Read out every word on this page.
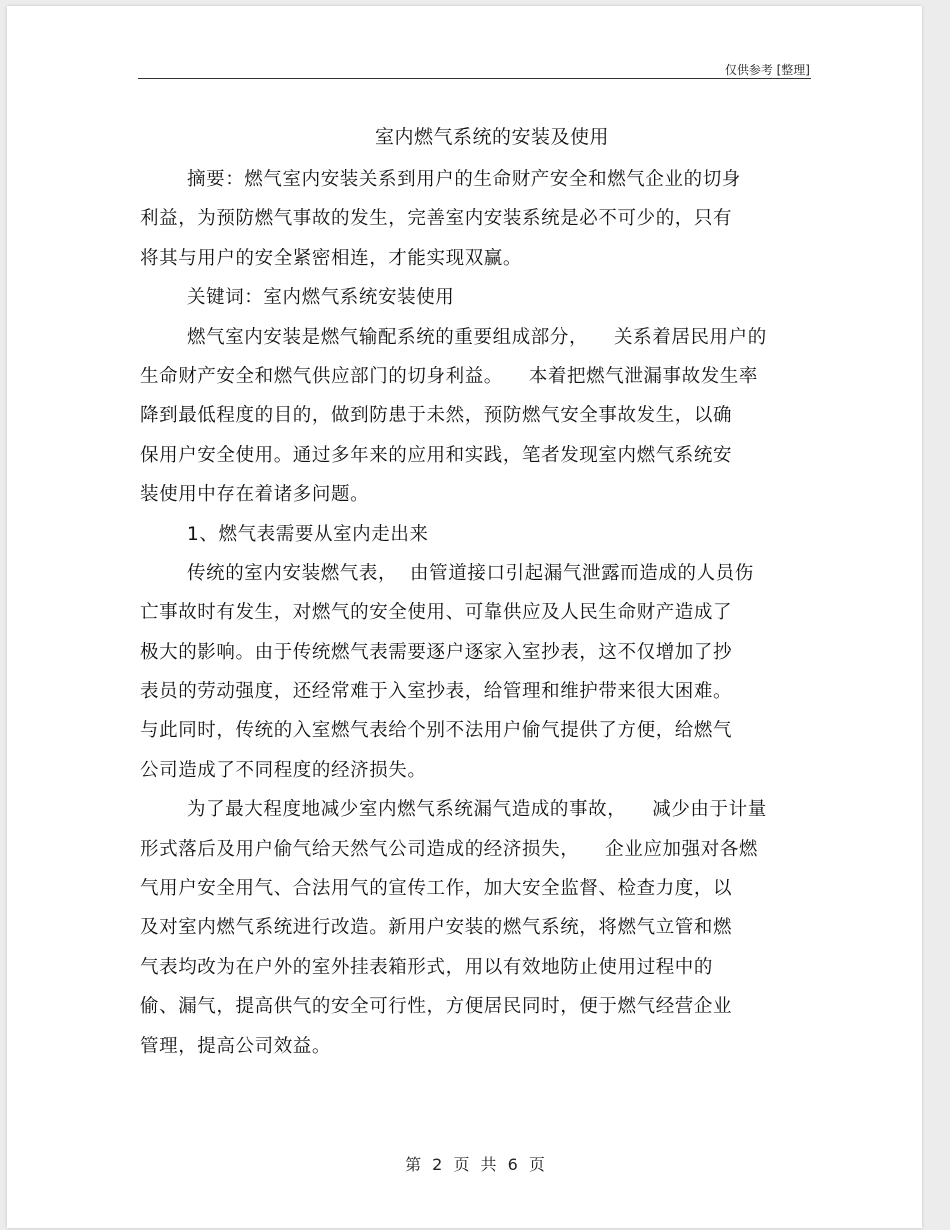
仅供参考 [整理]
室内燃气系统的安装及使用
摘要：燃气室内安装关系到用户的生命财产安全和燃气企业的切身
利益，为预防燃气事故的发生，完善室内安装系统是必不可少的，只有
将其与用户的安全紧密相连，才能实现双赢。
关键词：室内燃气系统安装使用
燃气室内安装是燃气输配系统的重要组成部分，    关系着居民用户的
生命财产安全和燃气供应部门的切身利益。    本着把燃气泄漏事故发生率
降到最低程度的目的，做到防患于未然，预防燃气安全事故发生，以确
保用户安全使用。通过多年来的应用和实践，笔者发现室内燃气系统安
装使用中存在着诸多问题。
1、燃气表需要从室内走出来
传统的室内安装燃气表，  由管道接口引起漏气泄露而造成的人员伤
亡事故时有发生，对燃气的安全使用、可靠供应及人民生命财产造成了
极大的影响。由于传统燃气表需要逐户逐家入室抄表，这不仅增加了抄
表员的劳动强度，还经常难于入室抄表，给管理和维护带来很大困难。
与此同时，传统的入室燃气表给个别不法用户偷气提供了方便，给燃气
公司造成了不同程度的经济损失。
为了最大程度地减少室内燃气系统漏气造成的事故，    减少由于计量
形式落后及用户偷气给天然气公司造成的经济损失，    企业应加强对各燃
气用户安全用气、合法用气的宣传工作，加大安全监督、检查力度，以
及对室内燃气系统进行改造。新用户安装的燃气系统，将燃气立管和燃
气表均改为在户外的室外挂表箱形式，用以有效地防止使用过程中的
偷、漏气，提高供气的安全可行性，方便居民同时，便于燃气经营企业
管理，提高公司效益。
第 2 页 共 6 页
